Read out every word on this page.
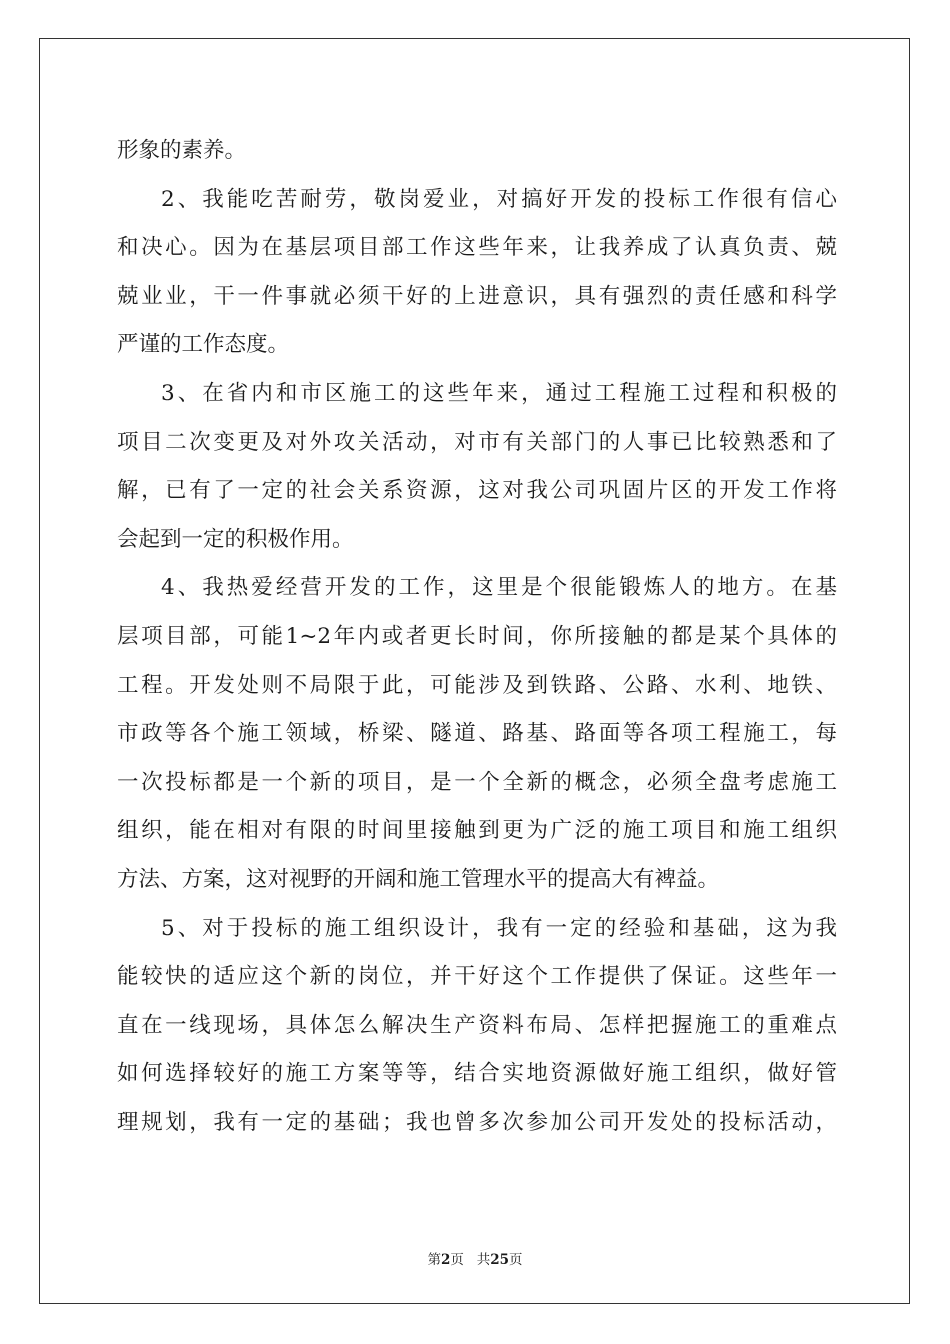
形象的素养。
2、我能吃苦耐劳，敬岗爱业，对搞好开发的投标工作很有信心
和决心。因为在基层项目部工作这些年来，让我养成了认真负责、兢
兢业业，干一件事就必须干好的上进意识，具有强烈的责任感和科学
严谨的工作态度。
3、在省内和市区施工的这些年来，通过工程施工过程和积极的
项目二次变更及对外攻关活动，对市有关部门的人事已比较熟悉和了
解，已有了一定的社会关系资源，这对我公司巩固片区的开发工作将
会起到一定的积极作用。
4、我热爱经营开发的工作，这里是个很能锻炼人的地方。在基
层项目部，可能1~2年内或者更长时间，你所接触的都是某个具体的
工程。开发处则不局限于此，可能涉及到铁路、公路、水利、地铁、
市政等各个施工领域，桥梁、隧道、路基、路面等各项工程施工，每
一次投标都是一个新的项目，是一个全新的概念，必须全盘考虑施工
组织，能在相对有限的时间里接触到更为广泛的施工项目和施工组织
方法、方案，这对视野的开阔和施工管理水平的提高大有裨益。
5、对于投标的施工组织设计，我有一定的经验和基础，这为我
能较快的适应这个新的岗位，并干好这个工作提供了保证。这些年一
直在一线现场，具体怎么解决生产资料布局、怎样把握施工的重难点
如何选择较好的施工方案等等，结合实地资源做好施工组织，做好管
理规划，我有一定的基础；我也曾多次参加公司开发处的投标活动，
第2页 共25页
